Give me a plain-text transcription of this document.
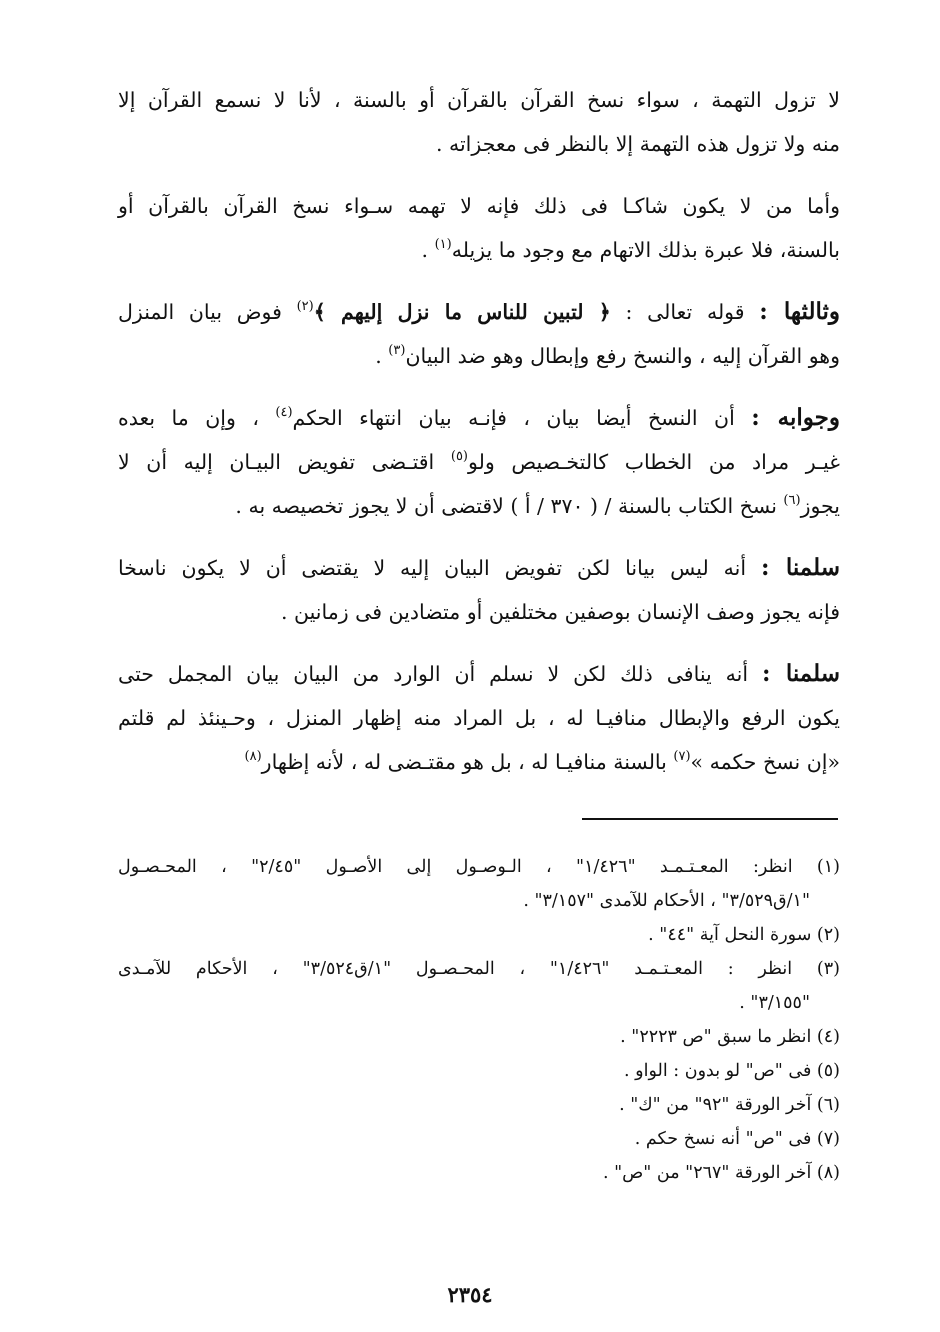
لا تزول التهمة ، سواء نسخ القرآن بالقرآن أو بالسنة ، لأنا لا نسمع القرآن إلا
منه ولا تزول هذه التهمة إلا بالنظر فى معجزاته .
وأما من لا يكون شاكـا فى ذلك فإنه لا تهمه سـواء نسخ القرآن بالقرآن أو
بالسنة، فلا عبرة بذلك الاتهام مع وجود ما يزيله$^{(١)}$ .
وثالثها : قوله تعالى : ﴿ لتبين للناس ما نزل إليهم ﴾$^{(٢)}$ فوض بيان المنزل
وهو القرآن إليه ، والنسخ رفع وإبطال وهو ضد البيان$^{(٣)}$ .
وجوابه : أن النسخ أيضا بيان ، فإنـه بيان انتهاء الحكم$^{(٤)}$ ، وإن ما بعده
غيـر مراد من الخطاب كالتخـصيص ولو$^{(٥)}$ اقتـضى تفويض البيـان إليه أن لا
يجوز$^{(٦)}$ نسخ الكتاب بالسنة / ( ٣٧٠ / أ ) لاقتضى أن لا يجوز تخصيصه به .
سلمنا : أنه ليس بيانا لكن تفويض البيان إليه لا يقتضى أن لا يكون ناسخا
فإنه يجوز وصف الإنسان بوصفين مختلفين أو متضادين فى زمانين .
سلمنا : أنه ينافى ذلك لكن لا نسلم أن الوارد من البيان بيان المجمل حتى
يكون الرفع والإبطال منافيـا له ، بل المراد منه إظهار المنزل ، وحـينئذ لم قلتم
«إن نسخ حكمه »$^{(٧)}$ بالسنة منافيـا له ، بل هو مقتـضى له ، لأنه إظهار$^{(٨)}$
(١) انظر: المعـتـمـد "١/٤٢٦" ، الـوصـول إلى الأصـول "٢/٤٥" ، المحـصـول
"١/ق٣/٥٢٩" ، الأحكام للآمدى "٣/١٥٧" .
(٢) سورة النحل آية "٤٤" .
(٣) انظر : المعـتـمـد "١/٤٢٦" ، المحـصـول "١/ق٣/٥٢٤" ، الأحكام للآمـدى
"٣/١٥٥" .
(٤) انظر ما سبق "ص ٢٢٢٣" .
(٥) فى "ص" لو بدون : الواو .
(٦) آخر الورقة "٩٢" من "ك" .
(٧) فى "ص" أنه نسخ حكم .
(٨) آخر الورقة "٢٦٧" من "ص" .
٢٣٥٤
